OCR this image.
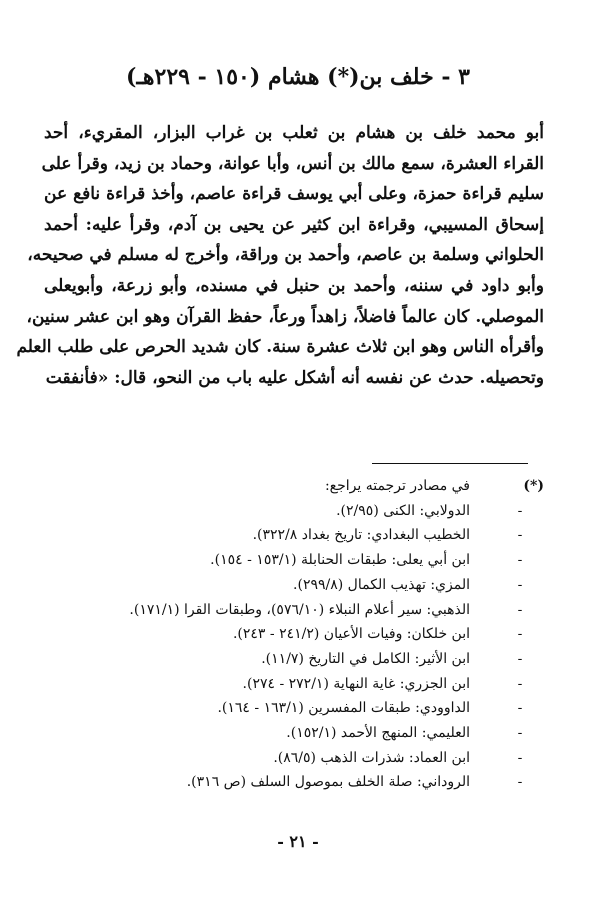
٣ - خلف بن(*) هشام (١٥٠ - ٢٢٩هـ)
أبو محمد خلف بن هشام بن ثعلب بن غراب البزار، المقريء، أحد
القراء العشرة، سمع مالك بن أنس، وأبا عوانة، وحماد بن زيد، وقرأ على
سليم قراءة حمزة، وعلى أبي يوسف قراءة عاصم، وأخذ قراءة نافع عن
إسحاق المسيبي، وقراءة ابن كثير عن يحيى بن آدم، وقرأ عليه: أحمد
الحلواني وسلمة بن عاصم، وأحمد بن وراقة، وأخرج له مسلم في صحيحه،
وأبو داود في سننه، وأحمد بن حنبل في مسنده، وأبو زرعة، وأبويعلى
الموصلي. كان عالماً فاضلاً، زاهداً ورعاً، حفظ القرآن وهو ابن عشر سنين،
وأقرأه الناس وهو ابن ثلاث عشرة سنة. كان شديد الحرص على طلب العلم
وتحصيله. حدث عن نفسه أنه أشكل عليه باب من النحو، قال: «فأنفقت
(*)
في مصادر ترجمته يراجع:
-
الدولابي: الكنى (٢/٩٥).
-
الخطيب البغدادي: تاريخ بغداد ٣٢٢/٨).
-
ابن أبي يعلى: طبقات الحنابلة (١٥٣/١ - ١٥٤).
-
المزي: تهذيب الكمال (٢٩٩/٨).
-
الذهبي: سير أعلام النبلاء (٥٧٦/١٠)، وطبقات القرا (١٧١/١).
-
ابن خلكان: وفيات الأعيان (٢٤١/٢ - ٢٤٣).
-
ابن الأثير: الكامل في التاريخ (١١/٧).
-
ابن الجزري: غاية النهاية (٢٧٢/١ - ٢٧٤).
-
الداوودي: طبقات المفسرين (١٦٣/١ - ١٦٤).
-
العليمي: المنهج الأحمد (١٥٢/١).
-
ابن العماد: شذرات الذهب (٨٦/٥).
-
الروداني: صلة الخلف بموصول السلف (ص ٣١٦).
- ٢١ -
